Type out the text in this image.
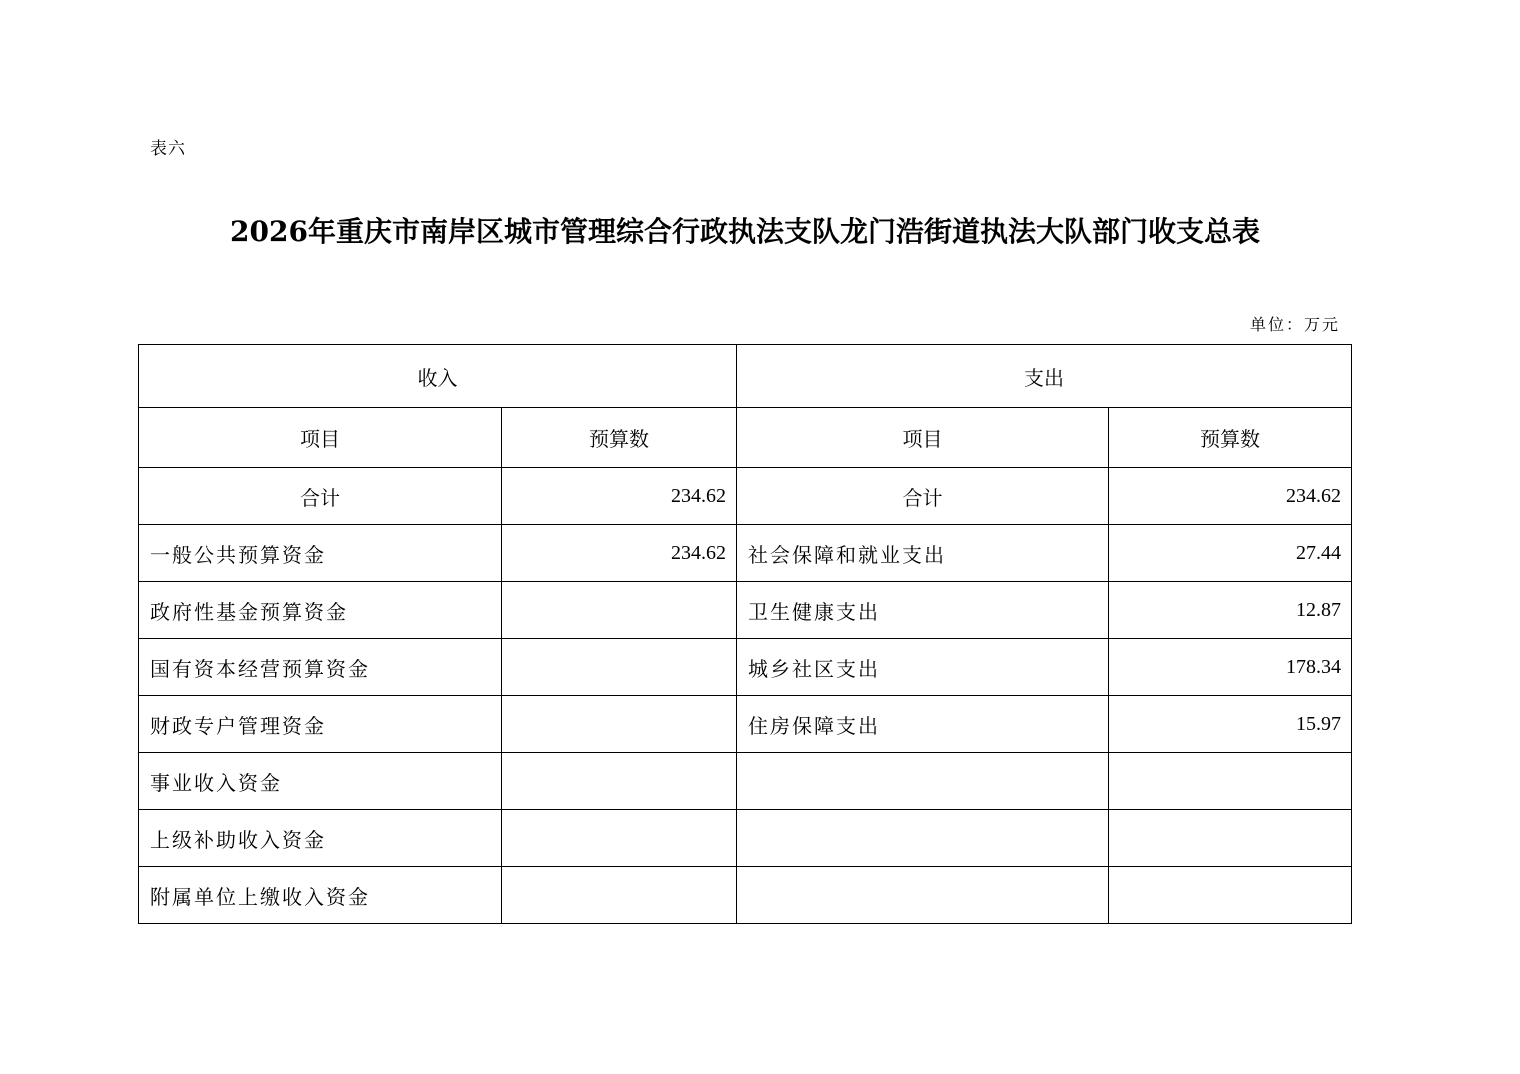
表六
2026年重庆市南岸区城市管理综合行政执法支队龙门浩街道执法大队部门收支总表
单位：万元
收入		支出	
项目	预算数	项目	预算数
合计	234.62	合计	234.62
一般公共预算资金	234.62	社会保障和就业支出	27.44
政府性基金预算资金		卫生健康支出	12.87
国有资本经营预算资金		城乡社区支出	178.34
财政专户管理资金		住房保障支出	15.97
事业收入资金			
上级补助收入资金			
附属单位上缴收入资金			
